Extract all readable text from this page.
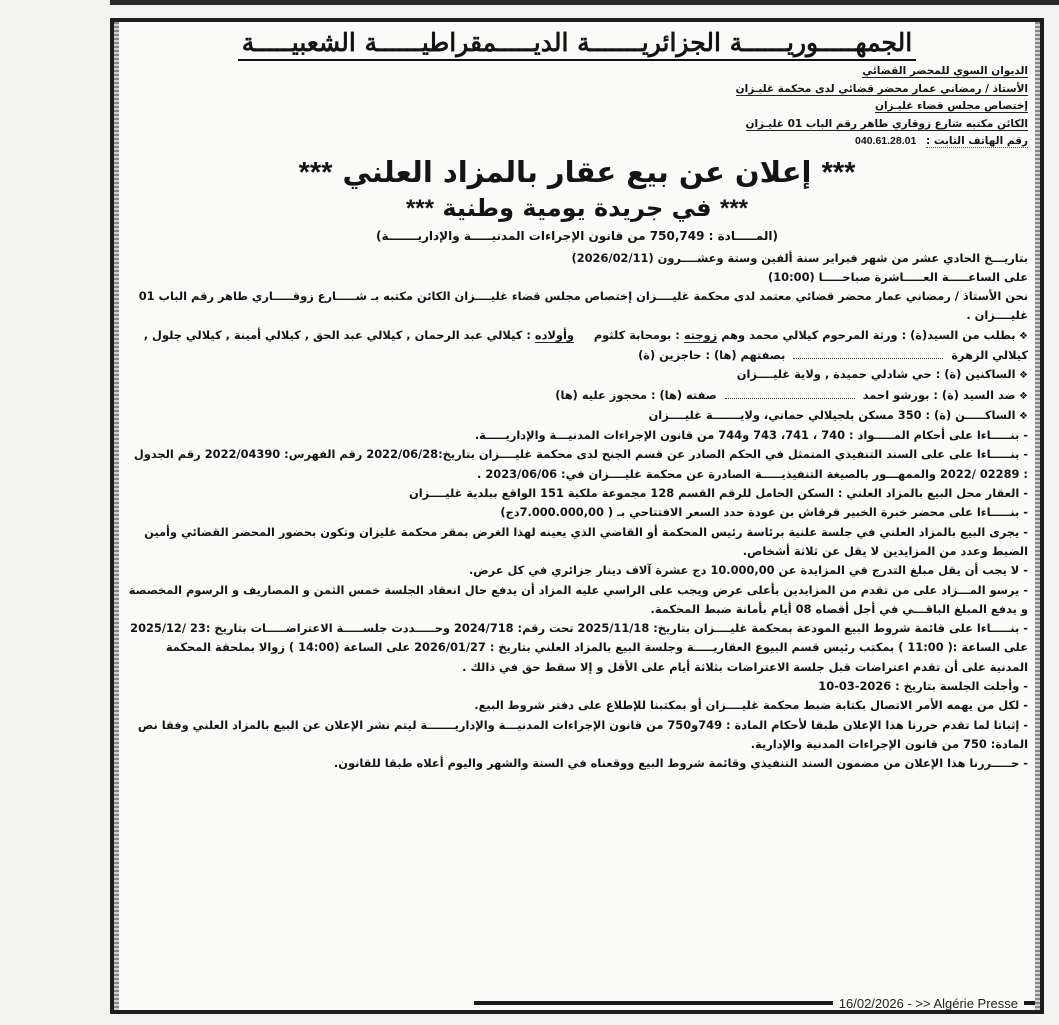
الجمهـــــوريــــــة الجزائريـــــــة الديـــــمقراطيــــــة الشعبيـــــة
الديوان السوي للمحضر القضائي
الأستاذ / رمضاني عمار محضر قضائي لدى محكمة غليـزان
إختصاص مجلس قضاء غليـزان
الكائن مكتبه شارع زوقاري طاهر رقم الباب 01 غليـزان
رقم الهاتف الثابت : 040.61.28.01
*** إعلان عن بيع عقار بالمزاد العلني ***
*** في جريدة يومية وطنية ***
(المـــــادة : 750,749 من قانون الإجراءات المدنيـــــة والإداريـــــــة)

بتاريـــخ الحادي عشر من شهر فبراير سنة ألفين وستة وعشــــرون (2026/02/11)

على الساعـــــة العـــــاشرة صباحـــــا (10:00)

نحن الأستاذ / رمضاني عمار محضر قضائي معتمد لدى محكمة غليــــزان إختصاص مجلس قضاء غليــــزان الكائن مكتبه بـ شـــــارع زوقـــــاري طاهر رقم الباب 01 غليــــزان .

❖ بطلب من السيد(ة) : ورثة المرحوم كيلالي محمد وهم زوجته : بومحابة كلثوم     وأولاده : كيلالي عبد الرحمان , كيلالي عبد الحق , كيلالي أمينة , كيلالي جلول , كيلالي الزهرةبصفتهم (ها) : حاجزين (ة)

❖ الساكنين (ة) : حي شادلي حميدة , ولاية غليــــزان

❖ ضد السيد (ة) : بورشو احمدصفته (ها) : محجوز عليه (ها)

❖ الساكـــــن (ة) : 350 مسكن بلجيلالي حماني، ولايـــــــة غليــــزان

- بنـــــاءا على أحكام المـــــواد : 740 ، 741، 743 و744 من قانون الإجراءات المدنيـــة والإداريـــــة.

- بنـــــاءا على على السند التنفيذي المتمثل في الحكم الصادر عن قسم الجنح لدى محكمة غليــــزان بتاريخ:2022/06/28 رقم الفهرس: 2022/04390 رقم الجدول : 02289 /2022 والممهـــور بالصيغة التنفيذيـــــة الصادرة عن محكمة غليــــزان في: 2023/06/06 .

- العقار محل البيع بالمزاد العلني : السكن الحامل للرقم القسم 128 مجموعة ملكية 151 الواقع ببلدية غليــــزان

- بنـــــاءا على محضر خبرة الخبير قرقاش بن عودة حدد السعر الافتتاحي بـ ( 7.000.000,00دج)

- يجرى البيع بالمزاد العلني في جلسة علنية برئاسة رئيس المحكمة أو القاضي الذي يعينه لهذا الغرض بمقر محكمة غليزان وتكون بحضور المحضر القضائي وأمين الضبط وعدد من المزايدين لا يقل عن ثلاثة أشخاص.

- لا يجب أن يقل مبلغ التدرج في المزايدة عن 10.000,00 دج عشرة آلاف دينار جزائري في كل عرض.

- يرسو المـــزاد على من تقدم من المزايدين بأعلى عرض ويجب على الراسي عليه المزاد أن يدفع حال انعقاد الجلسة خمس الثمن و المصاريف و الرسوم المخصصة و يدفع المبلغ الباقـــي في أجل أقصاه 08 أيام بأمانة ضبط المحكمة.

- بنـــــاءا على قائمة شروط البيع المودعة بمحكمة غليــــزان بتاريخ: 2025/11/18 تحت رقم: 2024/718 وحـــــددت جلســـــة الاعتراضـــــات بتاريخ :23 /2025/12 على الساعة :( 11:00 ) بمكتب رئيس قسم البيوع العقاريـــــة وجلسة البيع بالمزاد العلني بتاريخ : 2026/01/27 على الساعة (14:00 ) زوالا بملحقة المحكمة المدنية على أن تقدم اعتراضات قبل جلسة الاعتراضات بثلاثة أيام على الأقل و إلا سقط حق في ذالك .

- وأجلت الجلسة بتاريخ : 2026-03-10

- لكل من يهمه الأمر الاتصال بكتابة ضبط محكمة غليــــزان أو بمكتبنا للإطلاع على دفتر شروط البيع.

- إثباتا لما تقدم حررنا هذا الإعلان طبقا لأحكام المادة : 749و750 من قانون الإجراءات المدنيـــة والإداريـــــــة ليتم نشر الإعلان عن البيع بالمزاد العلني وفقا نص المادة: 750 من قانون الإجراءات المدنية والإدارية.

- حـــــررنا هذا الإعلان من مضمون السند التنفيذي وقائمة شروط البيع ووقعناه في السنة والشهر واليوم أعلاه طبقا للقانون.

16/02/2026 - >> Algérie Presse
